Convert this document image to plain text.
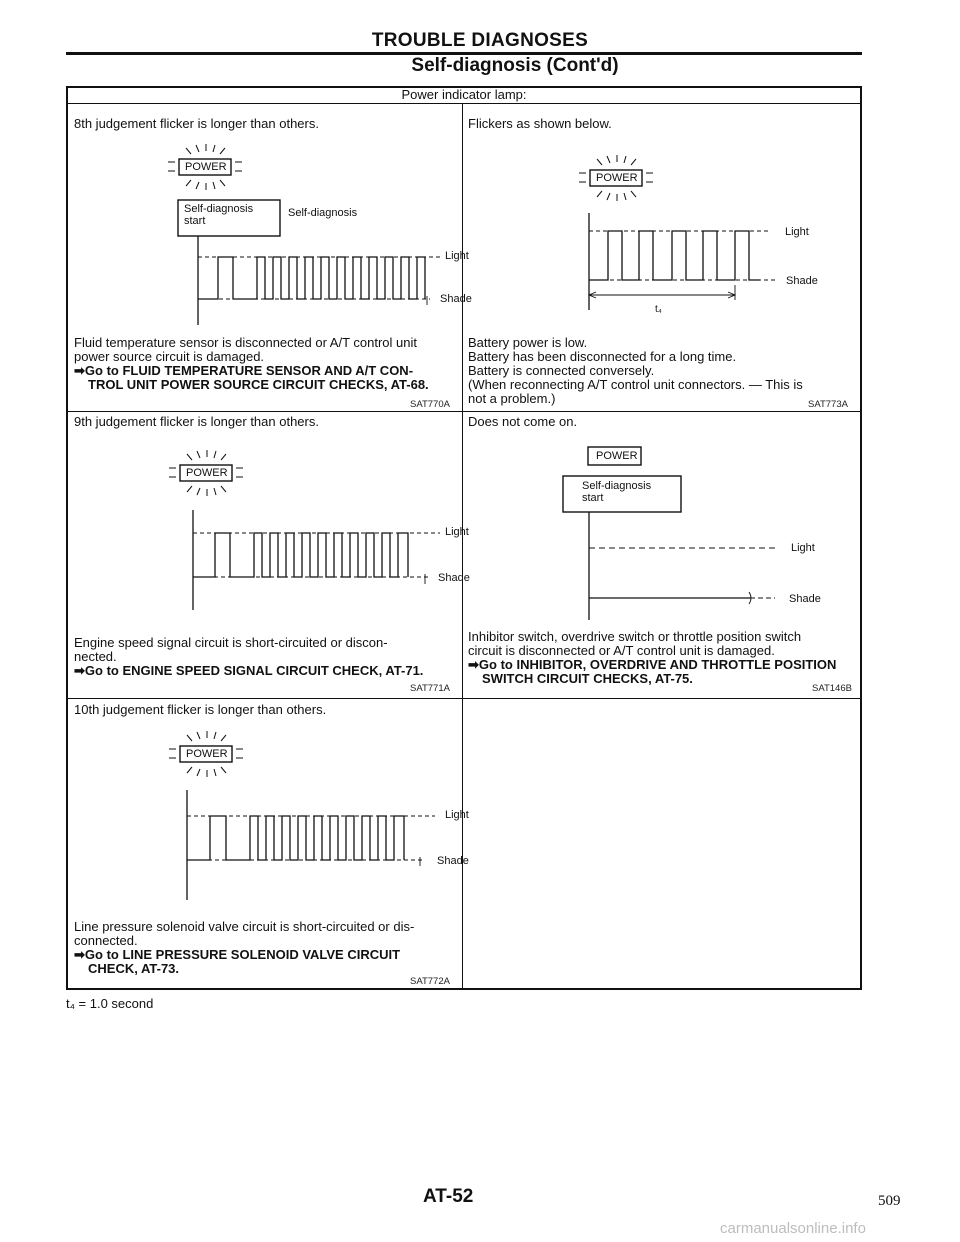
TROUBLE DIAGNOSES
Self-diagnosis (Cont'd)
Power indicator lamp:
8th judgement flicker is longer than others.
Self-diagnosis
Self-diagnosis
start
POWER
Light
Shade
Fluid temperature sensor is disconnected or A/T control unit
power source circuit is damaged.
➡Go to FLUID TEMPERATURE SENSOR AND A/T CON-
TROL UNIT POWER SOURCE CIRCUIT CHECKS, AT-68.
SAT770A
Flickers as shown below.
POWER
Light
Shade
t₄
Battery power is low.
Battery has been disconnected for a long time.
Battery is connected conversely.
(When reconnecting A/T control unit connectors. — This is
not a problem.)	SAT773A
9th judgement flicker is longer than others.
POWER
Light
Shade
Engine speed signal circuit is short-circuited or discon-
nected.
➡Go to ENGINE SPEED SIGNAL CIRCUIT CHECK, AT-71.
SAT771A
Does not come on.
POWER
Self-diagnosis
start
Light
Shade
Inhibitor switch, overdrive switch or throttle position switch
circuit is disconnected or A/T control unit is damaged.
➡Go to INHIBITOR, OVERDRIVE AND THROTTLE POSITION
SWITCH CIRCUIT CHECKS, AT-75.
SAT146B
10th judgement flicker is longer than others.
POWER
Light
Shade
Line pressure solenoid valve circuit is short-circuited or dis-
connected.
➡Go to LINE PRESSURE SOLENOID VALVE CIRCUIT
CHECK, AT-73.
SAT772A
t₄ = 1.0 second
AT-52	509
carmanualsonline.info
